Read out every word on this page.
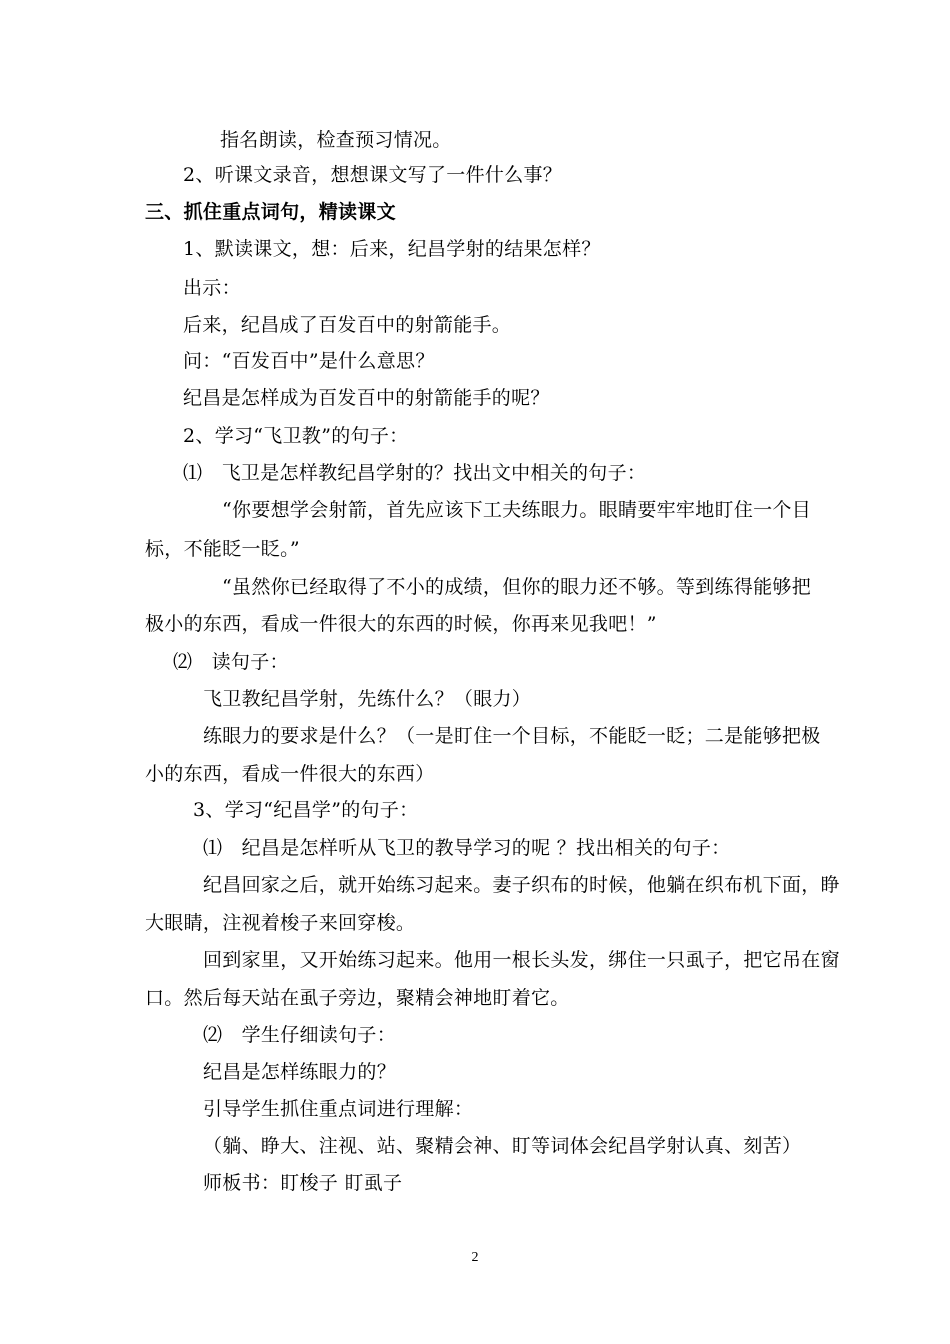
指名朗读，检查预习情况。
2、听课文录音，想想课文写了一件什么事？
三、抓住重点词句，精读课文
1、默读课文，想：后来，纪昌学射的结果怎样？
出示：
后来，纪昌成了百发百中的射箭能手。
问：“百发百中”是什么意思？
纪昌是怎样成为百发百中的射箭能手的呢？
2、学习“飞卫教”的句子：
⑴　飞卫是怎样教纪昌学射的？找出文中相关的句子：
“你要想学会射箭，首先应该下工夫练眼力。眼睛要牢牢地盯住一个目
标，不能眨一眨。”
“虽然你已经取得了不小的成绩，但你的眼力还不够。等到练得能够把
极小的东西，看成一件很大的东西的时候，你再来见我吧！”
⑵　读句子：
飞卫教纪昌学射，先练什么？（眼力）
练眼力的要求是什么？（一是盯住一个目标，不能眨一眨；二是能够把极
小的东西，看成一件很大的东西）
3、学习“纪昌学”的句子：
⑴　纪昌是怎样听从飞卫的教导学习的呢 ？找出相关的句子：
纪昌回家之后，就开始练习起来。妻子织布的时候，他躺在织布机下面，睁
大眼睛，注视着梭子来回穿梭。
回到家里，又开始练习起来。他用一根长头发，绑住一只虱子，把它吊在窗
口。然后每天站在虱子旁边，聚精会神地盯着它。
⑵　学生仔细读句子：
纪昌是怎样练眼力的？
引导学生抓住重点词进行理解：
（躺、睁大、注视、站、聚精会神、盯等词体会纪昌学射认真、刻苦）
师板书：盯梭子 盯虱子
2
